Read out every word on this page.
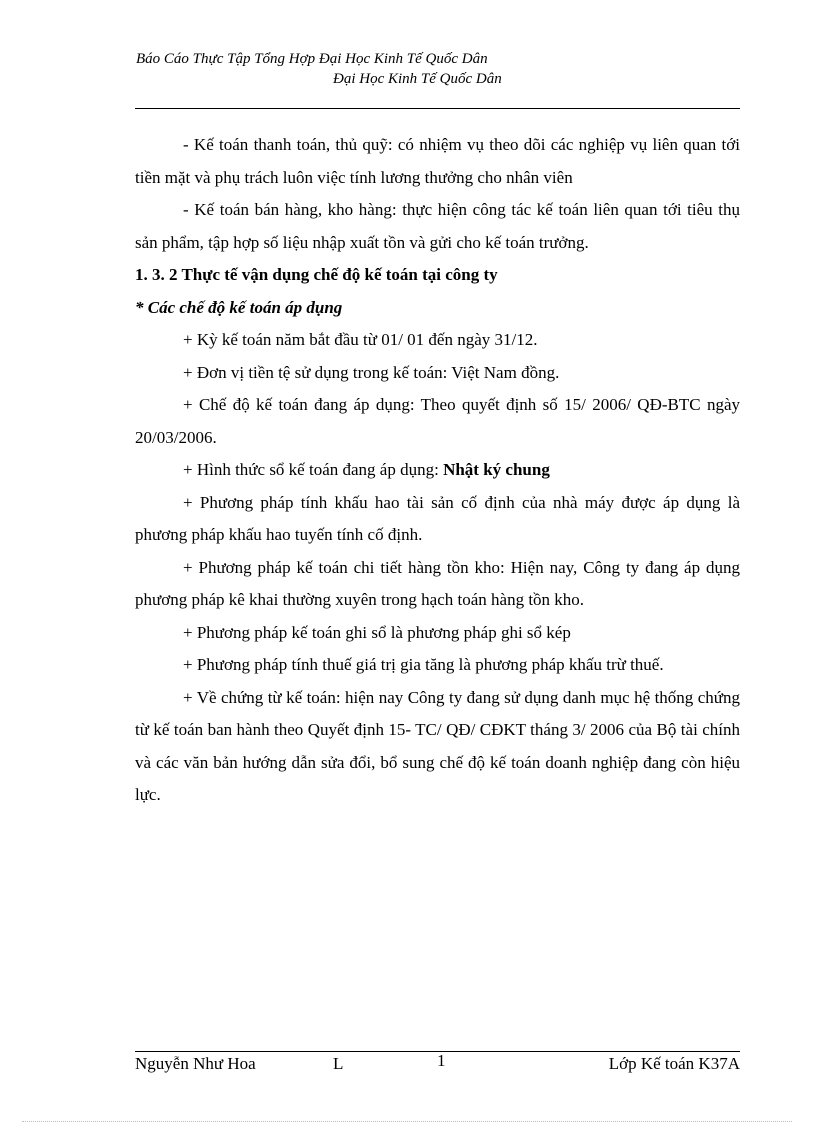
Báo Cáo Thực Tập Tổng Hợp Đại Học Kinh Tế Quốc Dân
Đại Học Kinh Tế Quốc Dân

- Kế toán thanh toán, thủ quỹ: có nhiệm vụ theo dõi các nghiệp vụ liên quan tới tiền mặt và phụ trách luôn việc tính lương thưởng cho nhân viên

- Kế toán bán hàng, kho hàng: thực hiện công tác kế toán liên quan tới tiêu thụ sản phẩm, tập hợp số liệu nhập xuất tồn và gửi cho kế toán trưởng.

1. 3. 2 Thực tế vận dụng chế độ kế toán tại công ty

* Các chế độ kế toán áp dụng

+ Kỳ kế toán năm bắt đầu từ 01/ 01 đến ngày 31/12.

+ Đơn vị tiền tệ sử dụng trong kế toán: Việt Nam đồng.

+ Chế độ kế toán đang áp dụng: Theo quyết định số 15/ 2006/ QĐ-BTC ngày 20/03/2006.

+ Hình thức sổ kế toán đang áp dụng: Nhật ký chung

+ Phương pháp tính khấu hao tài sản cố định của nhà máy được áp dụng là phương pháp khấu hao tuyến tính cố định.

+ Phương pháp kế toán chi tiết hàng tồn kho: Hiện nay, Công ty đang áp dụng phương pháp kê khai thường xuyên trong hạch toán hàng tồn kho.

+ Phương pháp kế toán ghi sổ là phương pháp ghi sổ kép

+ Phương pháp tính thuế giá trị gia tăng là phương pháp khấu trừ thuế.

+ Về chứng từ kế toán: hiện nay Công ty đang sử dụng danh mục hệ thống chứng từ kế toán ban hành theo Quyết định 15- TC/ QĐ/ CĐKT tháng 3/ 2006 của Bộ tài chính và các văn bản hướng dẫn sửa đổi, bổ sung chế độ kế toán doanh nghiệp đang còn hiệu lực.

Nguyễn Như Hoa	L	1	Lớp Kế toán K37A
